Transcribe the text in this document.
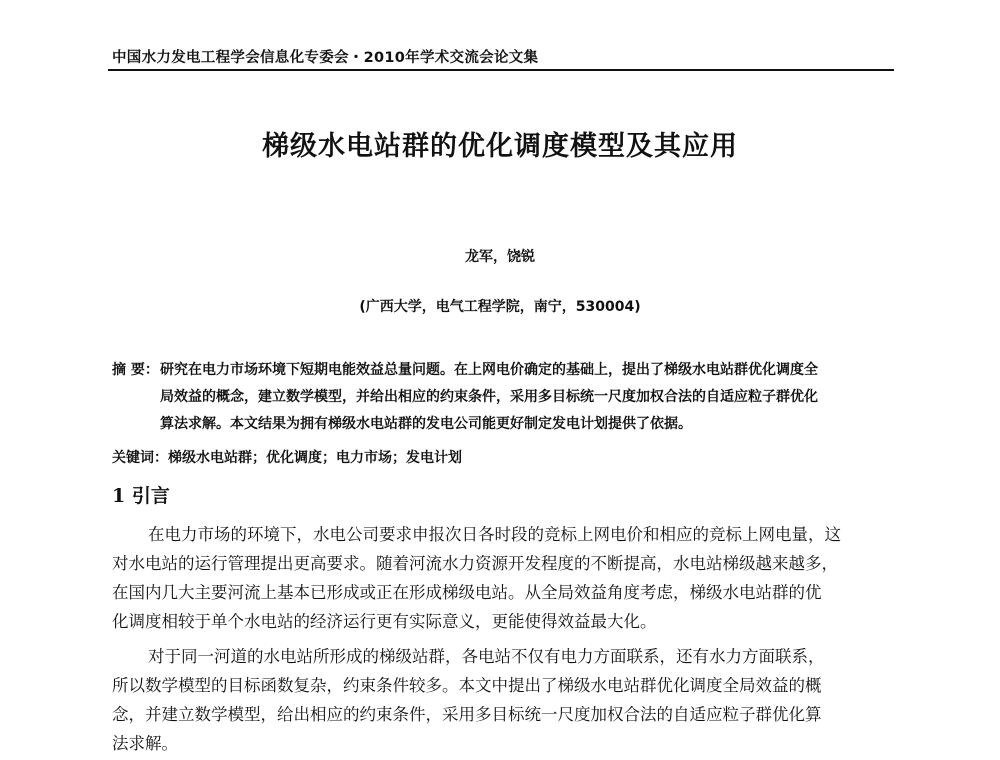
中国水力发电工程学会信息化专委会・2010年学术交流会论文集
梯级水电站群的优化调度模型及其应用
龙军，饶锐
(广西大学，电气工程学院，南宁，530004)
摘 要： 研究在电力市场环境下短期电能效益总量问题。在上网电价确定的基础上，提出了梯级水电站群优化调度全
局效益的概念，建立数学模型，并给出相应的约束条件，采用多目标统一尺度加权合法的自适应粒子群优化
算法求解。本文结果为拥有梯级水电站群的发电公司能更好制定发电计划提供了依据。
关键词：梯级水电站群；优化调度；电力市场；发电计划
1 引言
在电力市场的环境下，水电公司要求申报次日各时段的竞标上网电价和相应的竞标上网电量，这
对水电站的运行管理提出更高要求。随着河流水力资源开发程度的不断提高，水电站梯级越来越多，
在国内几大主要河流上基本已形成或正在形成梯级电站。从全局效益角度考虑，梯级水电站群的优
化调度相较于单个水电站的经济运行更有实际意义，更能使得效益最大化。
对于同一河道的水电站所形成的梯级站群，各电站不仅有电力方面联系，还有水力方面联系，
所以数学模型的目标函数复杂，约束条件较多。本文中提出了梯级水电站群优化调度全局效益的概
念，并建立数学模型，给出相应的约束条件，采用多目标统一尺度加权合法的自适应粒子群优化算
法求解。
